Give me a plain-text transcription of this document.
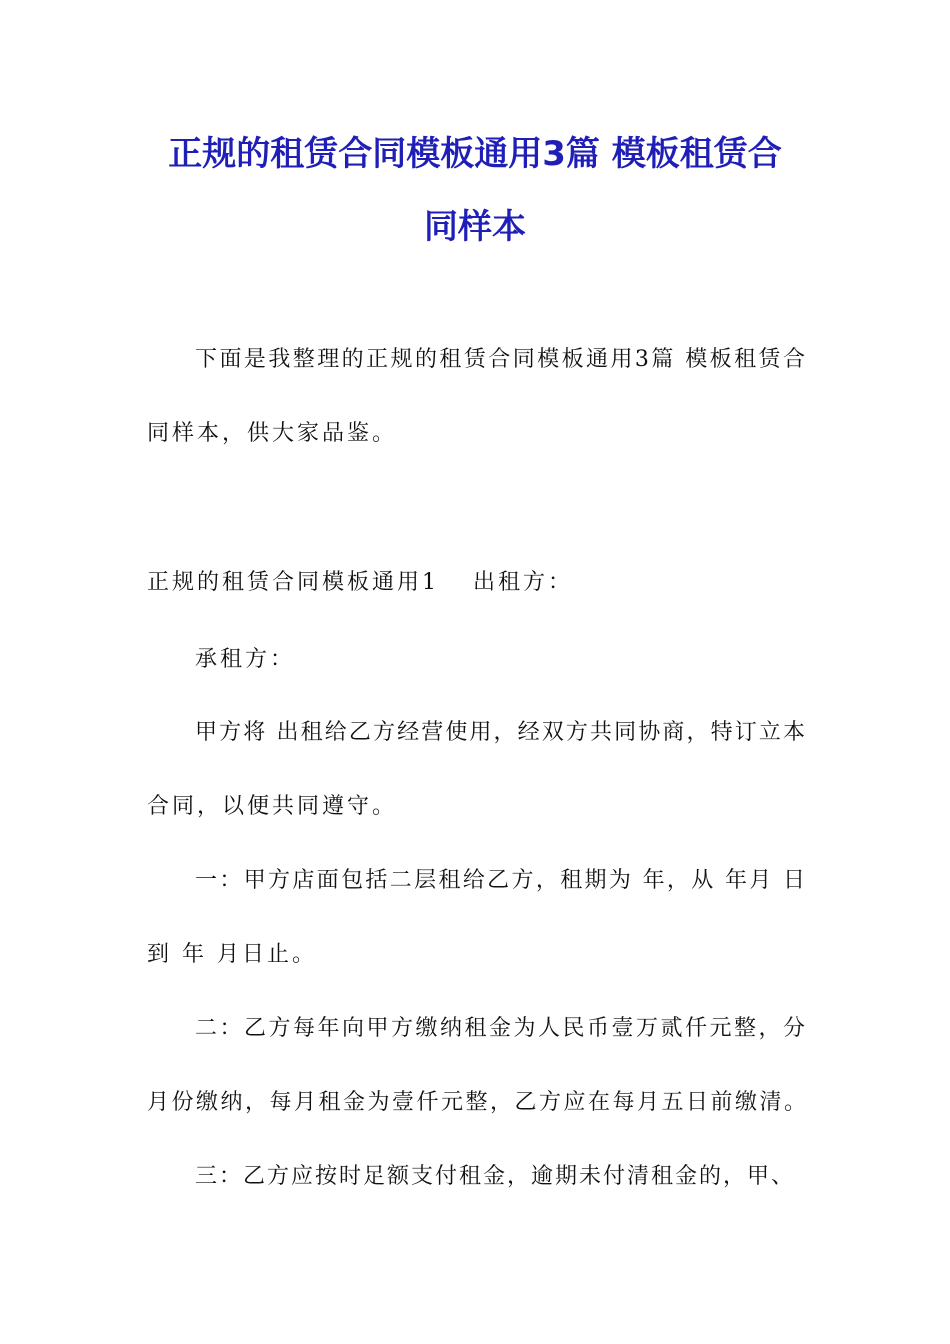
正规的租赁合同模板通用3篇 模板租赁合
同样本

下面是我整理的正规的租赁合同模板通用3篇 模板租赁合

同样本，供大家品鉴。

正规的租赁合同模板通用1 出租方：

承租方：

甲方将 出租给乙方经营使用，经双方共同协商，特订立本

合同，以便共同遵守。

一：甲方店面包括二层租给乙方，租期为 年，从 年月 日

到 年 月日止。

二：乙方每年向甲方缴纳租金为人民币壹万贰仟元整，分

月份缴纳，每月租金为壹仟元整，乙方应在每月五日前缴清。

三：乙方应按时足额支付租金，逾期未付清租金的，甲、
